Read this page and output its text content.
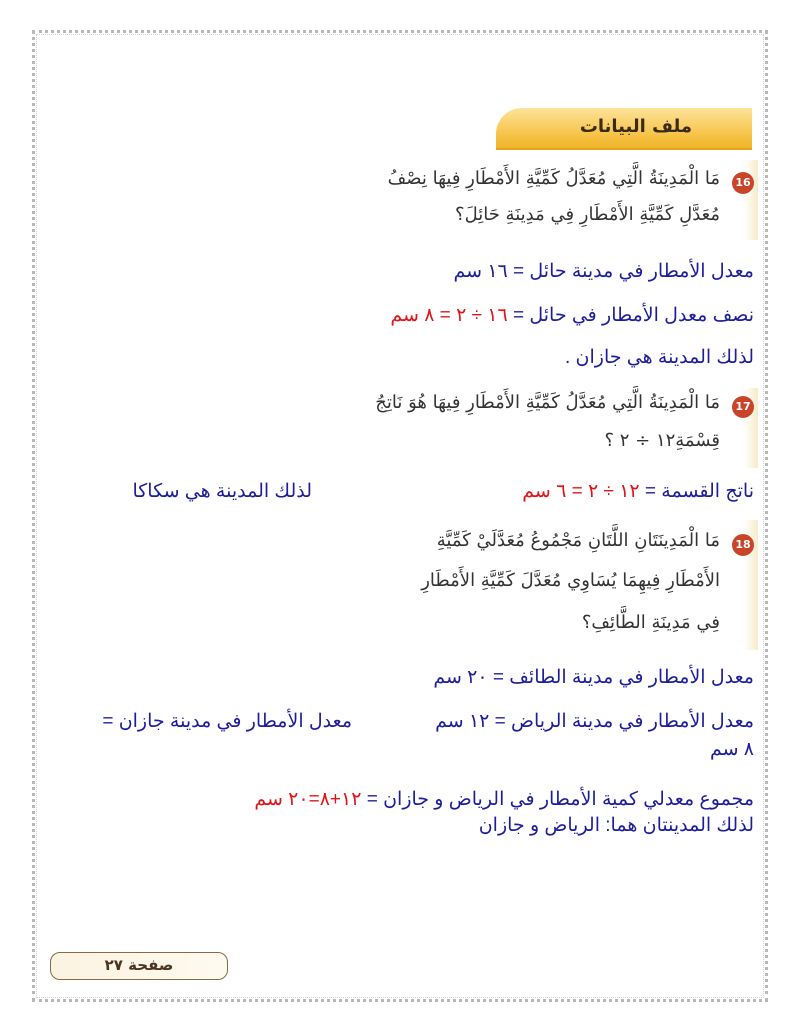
ملف البيانات
16
مَا الْمَدِينَةُ الَّتِي مُعَدَّلُ كَمِّيَّةِ الأَمْطَارِ فِيهَا نِصْفُ
مُعَدَّلِ كَمِّيَّةِ الأَمْطَارِ فِي مَدِينَةِ حَائِلَ؟
معدل الأمطار في مدينة حائل = ١٦ سم
نصف معدل الأمطار في حائل = ١٦ ÷ ٢ = ٨ سم
لذلك المدينة هي جازان .
17
مَا الْمَدِينَةُ الَّتِي مُعَدَّلُ كَمِّيَّةِ الأَمْطَارِ فِيهَا هُوَ نَاتِجُ
قِسْمَةِ١٢ ÷ ٢ ؟
ناتج القسمة = ١٢ ÷ ٢ = ٦ سم
لذلك المدينة هي سكاكا
18
مَا الْمَدِينَتَانِ اللَّتَانِ مَجْمُوعُ مُعَدَّلَيْ كَمِّيَّةِ
الأَمْطَارِ فِيهِمَا يُسَاوِي مُعَدَّلَ كَمِّيَّةِ الأَمْطَارِ
فِي مَدِينَةِ الطَّائِفِ؟
معدل الأمطار في مدينة الطائف = ٢٠ سم
معدل الأمطار في مدينة الرياض = ١٢ سم
معدل الأمطار في مدينة جازان =
٨ سم
مجموع معدلي كمية الأمطار في الرياض و جازان = ١٢+٨=٢٠ سم
لذلك المدينتان هما: الرياض و جازان
صفحة ٢٧
